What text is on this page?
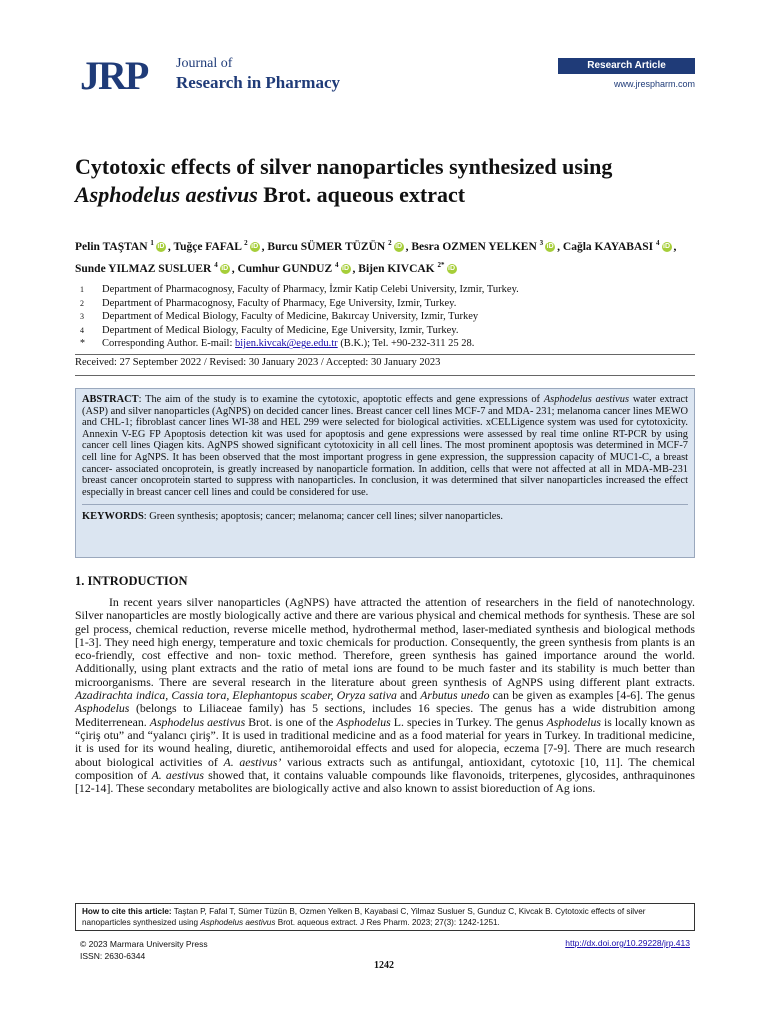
JRP Journal of
Research in Pharmacy
Research Article
www.jrespharm.com
Cytotoxic effects of silver nanoparticles synthesized using
Asphodelus aestivus Brot. aqueous extract
Pelin TAŞTAN $^1$ iD , Tuğçe FAFAL $^2$ iD , Burcu SÜMER TÜZÜN $^2$ iD , Besra OZMEN YELKEN $^3$ iD , Cağla KAYABASI $^4$ iD , Sunde YILMAZ SUSLUER $^4$ iD , Cumhur GUNDUZ $^4$ iD , Bijen KIVCAK $^{2*}$ iD
1	Department of Pharmacognosy, Faculty of Pharmacy, İzmir Katip Celebi University, Izmir, Turkey.
2	Department of Pharmacognosy, Faculty of Pharmacy, Ege University, Izmir, Turkey.
3	Department of Medical Biology, Faculty of Medicine, Bakırcay University, Izmir, Turkey
4	Department of Medical Biology, Faculty of Medicine, Ege University, Izmir, Turkey.
*	Corresponding Author. E-mail: bijen.kivcak@ege.edu.tr (B.K.); Tel. +90-232-311 25 28.
Received: 27 September 2022 / Revised: 30 January 2023 / Accepted: 30 January 2023

ABSTRACT: The aim of the study is to examine the cytotoxic, apoptotic effects and gene expressions of Asphodelus aestivus water extract (ASP) and silver nanoparticles (AgNPS) on decided cancer lines. Breast cancer cell lines MCF-7 and MDA- 231; melanoma cancer lines MEWO and CHL-1; fibroblast cancer lines WI-38 and HEL 299 were selected for biological activities. xCELLigence system was used for cytotoxicity. Annexin V-EG FP Apoptosis detection kit was used for apoptosis and gene expressions were assessed by real time online RT-PCR by using cancer cell lines Qiagen kits. AgNPS showed significant cytotoxicity in all cell lines. The most prominent apoptosis was determined in MCF-7 cell line for AgNPS. It has been observed that the most important progress in gene expression, the suppression capacity of MUC1-C, a breast cancer- associated oncoprotein, is greatly increased by nanoparticle formation. In addition, cells that were not affected at all in MDA-MB-231 breast cancer oncoprotein started to suppress with nanoparticles. In conclusion, it was determined that silver nanoparticles increased the effect especially in breast cancer cell lines and could be considered for use.

KEYWORDS: Green synthesis; apoptosis; cancer; melanoma; cancer cell lines; silver nanoparticles.

1. INTRODUCTION

In recent years silver nanoparticles (AgNPS) have attracted the attention of researchers in the field of nanotechnology. Silver nanoparticles are mostly biologically active and there are various physical and chemical methods for synthesis. These are sol gel process, chemical reduction, reverse micelle method, hydrothermal method, laser-mediated synthesis and biological methods [1-3]. They need high energy, temperature and toxic chemicals for production. Consequently, the green synthesis from plants is an eco-friendly, cost effective and non- toxic method. Therefore, green synthesis has gained importance around the world. Additionally, using plant extracts and the ratio of metal ions are found to be much faster and its stability is much better than microorganisms. There are several research in the literature about green synthesis of AgNPS using different plant extracts. Azadirachta indica, Cassia tora, Elephantopus scaber, Oryza sativa and Arbutus unedo can be given as examples [4-6]. The genus Asphodelus (belongs to Liliaceae family) has 5 sections, includes 16 species. The genus has a wide distrubition among Mediterrenean. Asphodelus aestivus Brot. is one of the Asphodelus L. species in Turkey. The genus Asphodelus is locally known as “çiriş otu” and “yalancı çiriş”. It is used in traditional medicine and as a food material for years in Turkey. In traditional medicine, it is used for its wound healing, diuretic, antihemoroidal effects and used for alopecia, eczema [7-9]. There are much research about biological activities of A. aestivus’ various extracts such as antifungal, antioxidant, cytotoxic [10, 11]. The chemical composition of A. aestivus showed that, it contains valuable compounds like flavonoids, triterpenes, glycosides, anthraquinones [12-14]. These secondary metabolites are biologically active and also known to assist bioreduction of Ag ions.

How to cite this article: Taştan P, Fafal T, Sümer Tüzün B, Ozmen Yelken B, Kayabasi C, Yilmaz Susluer S, Gunduz C, Kivcak B. Cytotoxic effects of silver nanoparticles synthesized using Asphodelus aestivus Brot. aqueous extract. J Res Pharm. 2023; 27(3): 1242-1251.
© 2023 Marmara University Press
ISSN: 2630-6344
http://dx.doi.org/10.29228/jrp.413
1242
